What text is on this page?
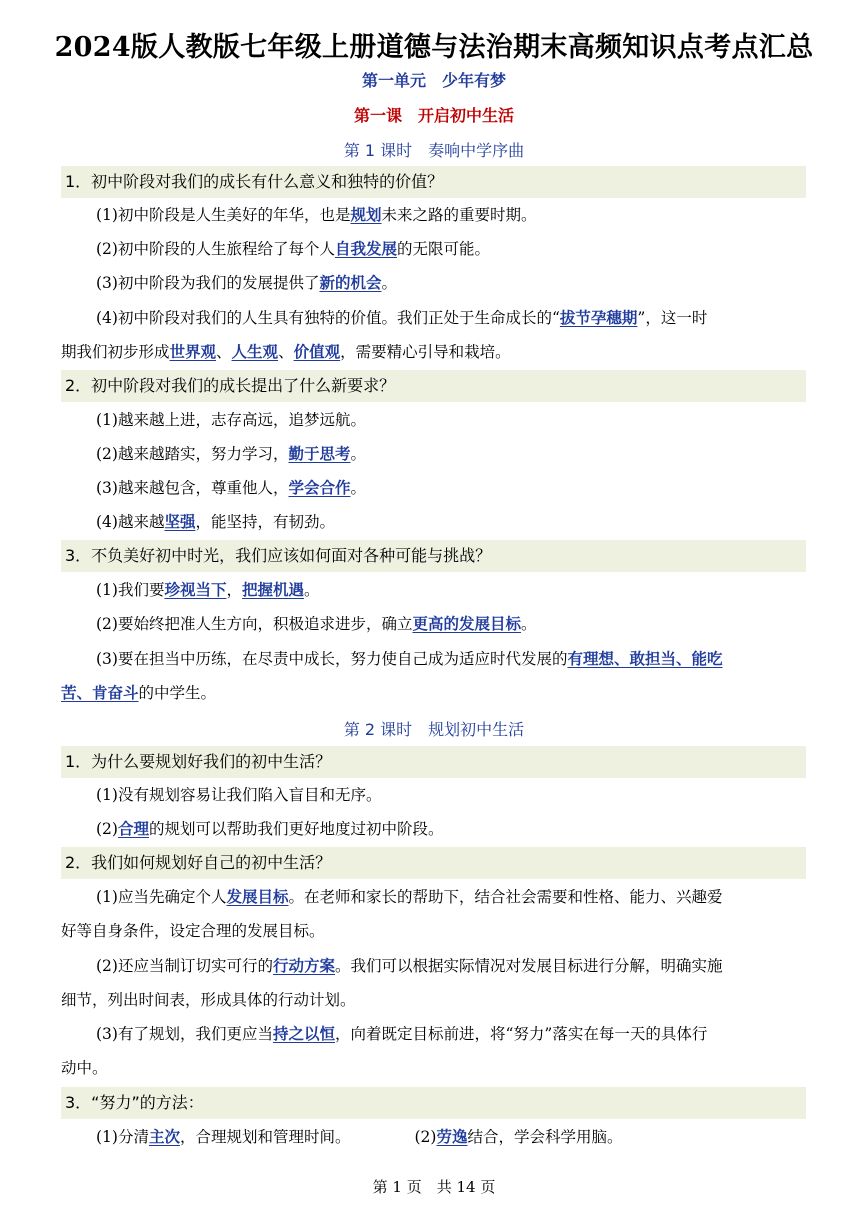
2024版人教版七年级上册道德与法治期末高频知识点考点汇总
第一单元　少年有梦
第一课　开启初中生活
第 1 课时　奏响中学序曲
1．初中阶段对我们的成长有什么意义和独特的价值？
(1)初中阶段是人生美好的年华，也是规划未来之路的重要时期。
(2)初中阶段的人生旅程给了每个人自我发展的无限可能。
(3)初中阶段为我们的发展提供了新的机会。
(4)初中阶段对我们的人生具有独特的价值。我们正处于生命成长的“拔节孕穗期”，这一时
期我们初步形成世界观、人生观、价值观，需要精心引导和栽培。
2．初中阶段对我们的成长提出了什么新要求？
(1)越来越上进，志存高远，追梦远航。
(2)越来越踏实，努力学习，勤于思考。
(3)越来越包含，尊重他人，学会合作。
(4)越来越坚强，能坚持，有韧劲。
3．不负美好初中时光，我们应该如何面对各种可能与挑战？
(1)我们要珍视当下，把握机遇。
(2)要始终把准人生方向，积极追求进步，确立更高的发展目标。
(3)要在担当中历练，在尽责中成长，努力使自己成为适应时代发展的有理想、敢担当、能吃
苦、肯奋斗的中学生。
第 2 课时　规划初中生活
1．为什么要规划好我们的初中生活？
(1)没有规划容易让我们陷入盲目和无序。
(2)合理的规划可以帮助我们更好地度过初中阶段。
2．我们如何规划好自己的初中生活？
(1)应当先确定个人发展目标。在老师和家长的帮助下，结合社会需要和性格、能力、兴趣爱
好等自身条件，设定合理的发展目标。
(2)还应当制订切实可行的行动方案。我们可以根据实际情况对发展目标进行分解，明确实施
细节，列出时间表，形成具体的行动计划。
(3)有了规划，我们更应当持之以恒，向着既定目标前进，将“努力”落实在每一天的具体行
动中。
3．“努力”的方法：
(1)分清主次，合理规划和管理时间。	(2)劳逸结合，学会科学用脑。
第 1 页　共 14 页
